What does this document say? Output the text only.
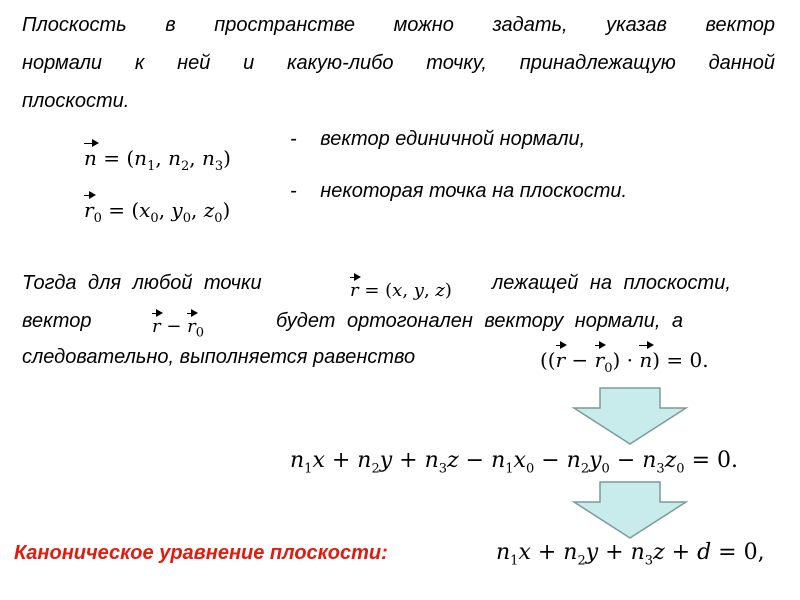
Плоскость в пространстве можно задать, указав вектор
нормали к ней и какую-либо точку, принадлежащую данной
плоскости.
$n = (n_1$, $n_2$, $n_3$)
- вектор единичной нормали,
$r_0 = (x_0$, $y_0$, $z_0$)
- некоторая точка на плоскости.
Тогда для любой точки	r = (x, y, z) лежащей на плоскости,
вектор	$r - r_0$
будет ортогонален вектору нормали, а
следовательно, выполняется равенство	$((r - r_0) \cdot n) = 0$.
$n_1x + n_2y + n_3z - n_1x_0 - n_2y_0 - n_3z_0 = 0$.
Каноническое уравнение плоскости:	$n_1x + n_2y + n_3z + d = 0$,
